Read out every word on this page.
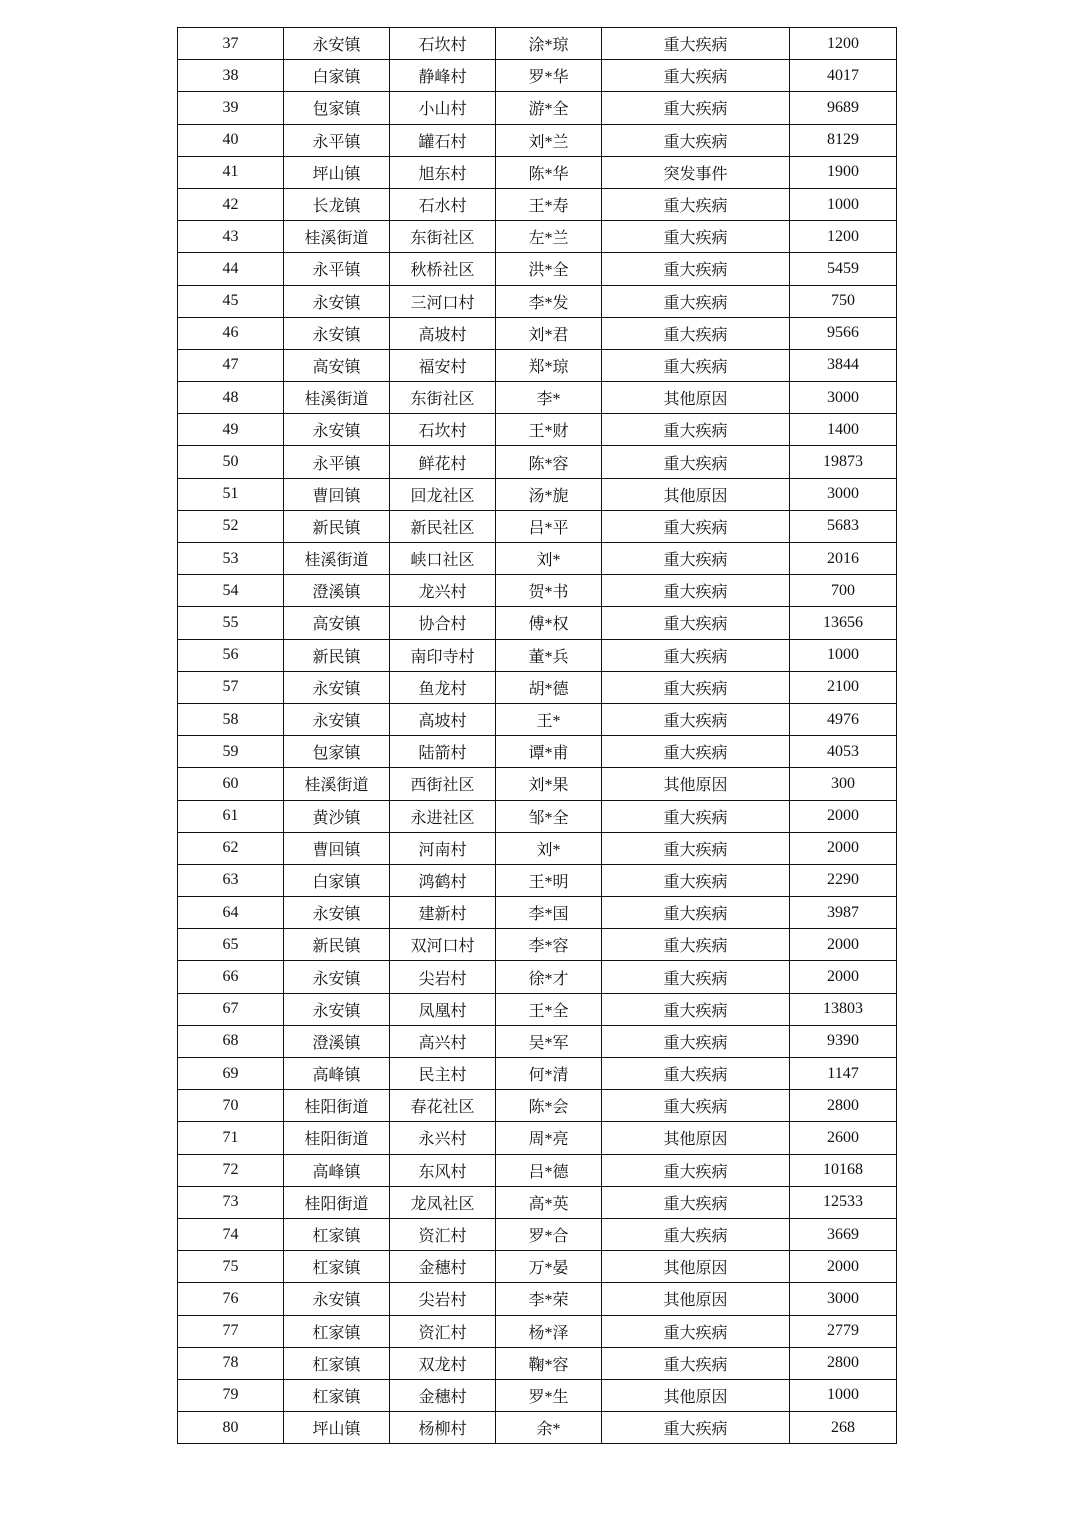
37	永安镇	石坎村	涂*琼	重大疾病	1200
38	白家镇	静峰村	罗*华	重大疾病	4017
39	包家镇	小山村	游*全	重大疾病	9689
40	永平镇	罐石村	刘*兰	重大疾病	8129
41	坪山镇	旭东村	陈*华	突发事件	1900
42	长龙镇	石水村	王*寿	重大疾病	1000
43	桂溪街道	东街社区	左*兰	重大疾病	1200
44	永平镇	秋桥社区	洪*全	重大疾病	5459
45	永安镇	三河口村	李*发	重大疾病	750
46	永安镇	高坡村	刘*君	重大疾病	9566
47	高安镇	福安村	郑*琼	重大疾病	3844
48	桂溪街道	东街社区	李*	其他原因	3000
49	永安镇	石坎村	王*财	重大疾病	1400
50	永平镇	鲜花村	陈*容	重大疾病	19873
51	曹回镇	回龙社区	汤*旎	其他原因	3000
52	新民镇	新民社区	吕*平	重大疾病	5683
53	桂溪街道	峡口社区	刘*	重大疾病	2016
54	澄溪镇	龙兴村	贺*书	重大疾病	700
55	高安镇	协合村	傅*权	重大疾病	13656
56	新民镇	南印寺村	董*兵	重大疾病	1000
57	永安镇	鱼龙村	胡*德	重大疾病	2100
58	永安镇	高坡村	王*	重大疾病	4976
59	包家镇	陆箭村	谭*甫	重大疾病	4053
60	桂溪街道	西街社区	刘*果	其他原因	300
61	黄沙镇	永进社区	邹*全	重大疾病	2000
62	曹回镇	河南村	刘*	重大疾病	2000
63	白家镇	鸿鹤村	王*明	重大疾病	2290
64	永安镇	建新村	李*国	重大疾病	3987
65	新民镇	双河口村	李*容	重大疾病	2000
66	永安镇	尖岩村	徐*才	重大疾病	2000
67	永安镇	凤凰村	王*全	重大疾病	13803
68	澄溪镇	高兴村	吴*军	重大疾病	9390
69	高峰镇	民主村	何*清	重大疾病	1147
70	桂阳街道	春花社区	陈*会	重大疾病	2800
71	桂阳街道	永兴村	周*亮	其他原因	2600
72	高峰镇	东风村	吕*德	重大疾病	10168
73	桂阳街道	龙凤社区	高*英	重大疾病	12533
74	杠家镇	资汇村	罗*合	重大疾病	3669
75	杠家镇	金穗村	万*晏	其他原因	2000
76	永安镇	尖岩村	李*荣	其他原因	3000
77	杠家镇	资汇村	杨*泽	重大疾病	2779
78	杠家镇	双龙村	鞠*容	重大疾病	2800
79	杠家镇	金穗村	罗*生	其他原因	1000
80	坪山镇	杨柳村	余*	重大疾病	268
